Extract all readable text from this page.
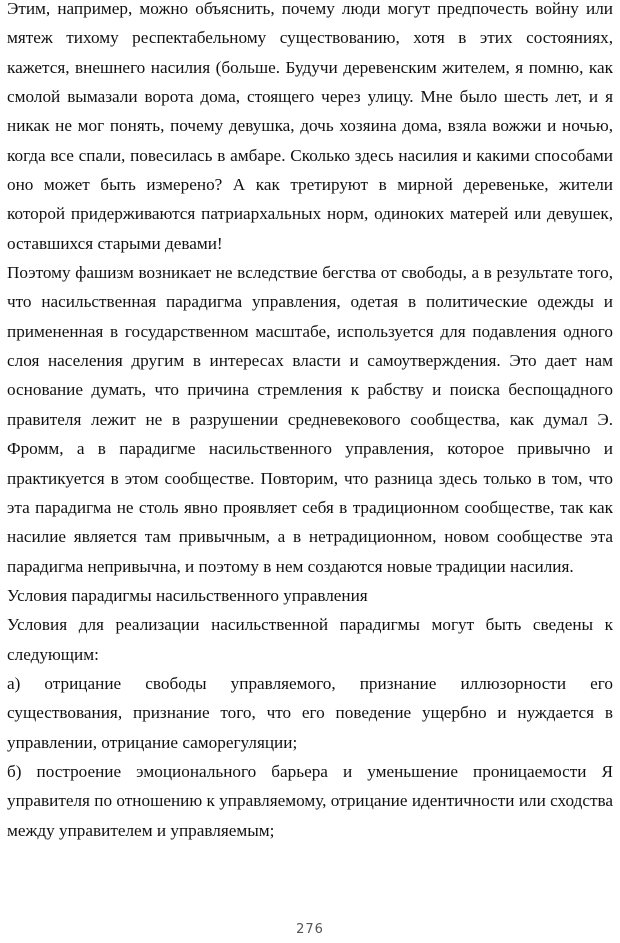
Этим, например, можно объяснить, почему люди могут предпочесть войну или мятеж тихому респектабельному существованию, хотя в этих состояниях, кажется, внешнего насилия (больше. Будучи деревенским жителем, я помню, как смолой вымазали ворота дома, стоящего через улицу. Мне было шесть лет, и я никак не мог понять, почему девушка, дочь хозяина дома, взяла вожжи и ночью, когда все спали, повесилась в амбаре. Сколько здесь насилия и какими способами оно может быть измерено? А как третируют в мирной деревеньке, жители которой придерживаются патриархальных норм, одиноких матерей или девушек, оставшихся старыми девами!

Поэтому фашизм возникает не вследствие бегства от свободы, а в результате того, что насильственная парадигма управления, одетая в политические одежды и примененная в государственном масштабе, используется для подавления одного слоя населения другим в интересах власти и самоутверждения. Это дает нам основание думать, что причина стремления к рабству и поиска беспощадного правителя лежит не в разрушении средневекового сообщества, как думал Э. Фромм, а в парадигме насильственного управления, которое привычно и практикуется в этом сообществе. Повторим, что разница здесь только в том, что эта парадигма не столь явно проявляет себя в традиционном сообществе, так как насилие является там привычным, а в нетрадиционном, новом сообществе эта парадигма непривычна, и поэтому в нем создаются новые традиции насилия.

Условия парадигмы насильственного управления

Условия для реализации насильственной парадигмы могут быть сведены к следующим:

а) отрицание свободы управляемого, признание иллюзорности его существования, признание того, что его поведение ущербно и нуждается в управлении, отрицание саморегуляции;

б) построение эмоционального барьера и уменьшение проницаемости Я управителя по отношению к управляемому, отрицание идентичности или сходства между управителем и управляемым;

276
